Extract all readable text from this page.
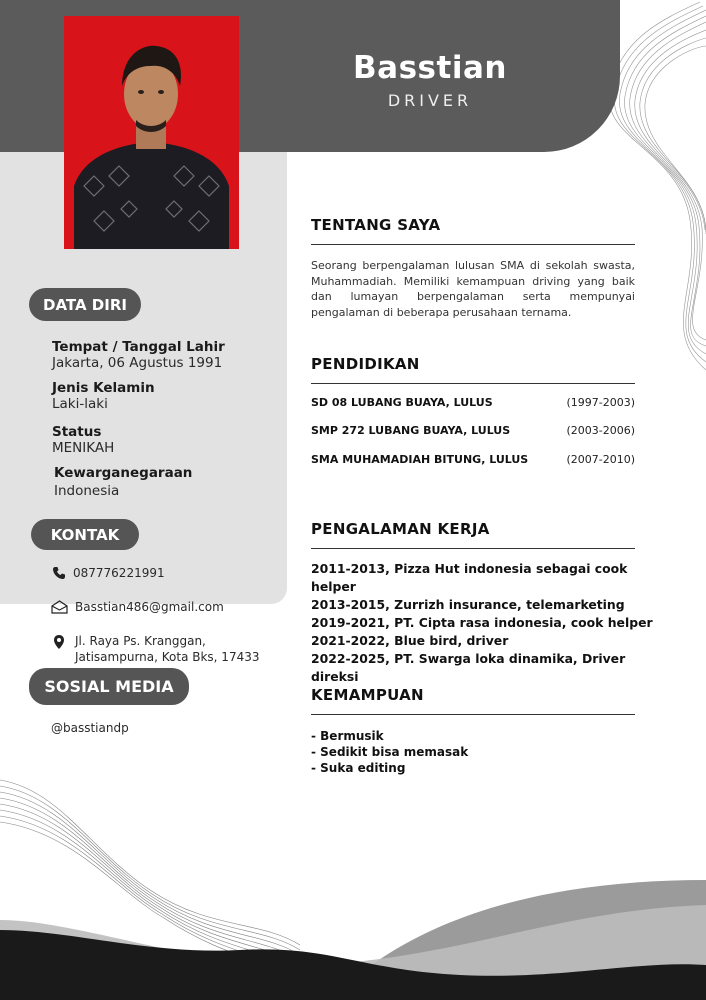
Basstian
DRIVER
DATA DIRI
Tempat / Tanggal Lahir
Jakarta, 06 Agustus 1991
Jenis Kelamin
Laki-laki
Status
MENIKAH
Kewarganegaraan
Indonesia
KONTAK
087776221991
Basstian486@gmail.com
Jl. Raya Ps. Kranggan,
Jatisampurna, Kota Bks, 17433
SOSIAL MEDIA
@basstiandp
TENTANG SAYA
Seorang berpengalaman lulusan SMA di sekolah swasta, Muhammadiah. Memiliki kemampuan driving yang baik dan lumayan berpengalaman serta mempunyai pengalaman di beberapa perusahaan ternama.
PENDIDIKAN
SD 08 LUBANG BUAYA, LULUS	(1997-2003)
SMP 272 LUBANG BUAYA, LULUS	(2003-2006)
SMA MUHAMADIAH BITUNG, LULUS	(2007-2010)
PENGALAMAN KERJA
2011-2013, Pizza Hut indonesia sebagai cook helper
2013-2015, Zurrizh insurance, telemarketing
2019-2021, PT. Cipta rasa indonesia, cook helper
2021-2022, Blue bird, driver
2022-2025, PT. Swarga loka dinamika, Driver direksi
KEMAMPUAN
- Bermusik
- Sedikit bisa memasak
- Suka editing
